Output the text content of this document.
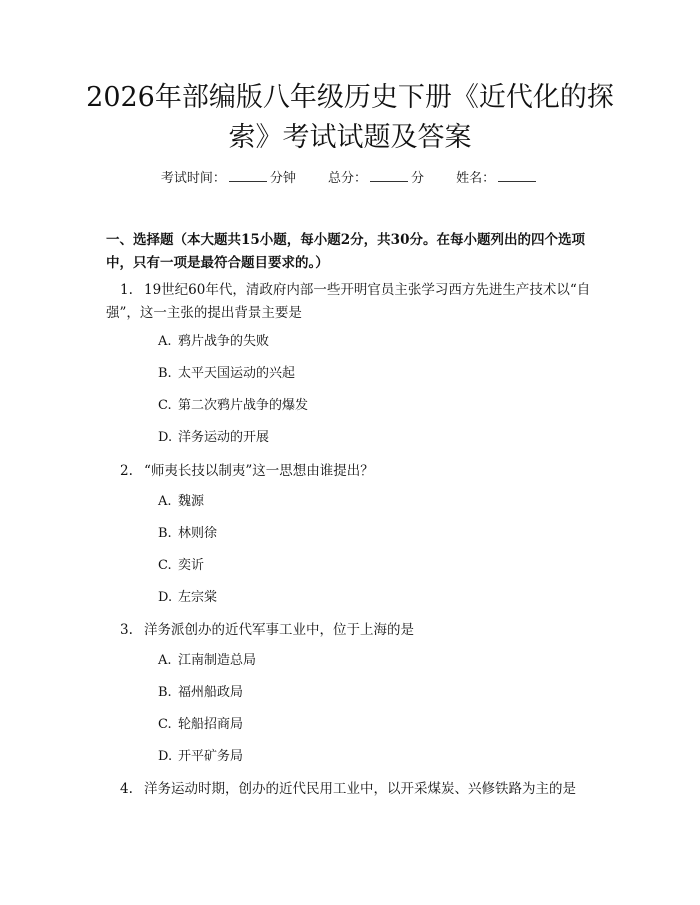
2026年部编版八年级历史下册《近代化的探
索》考试试题及答案
考试时间：	分钟 总分：	分 姓名：
一、选择题（本大题共15小题，每小题2分，共30分。在每小题列出的四个选项中，只有一项是最符合题目要求的。）
1. 19世纪60年代，清政府内部一些开明官员主张学习西方先进生产技术以“自强”，这一主张的提出背景主要是
A. 鸦片战争的失败
B. 太平天国运动的兴起
C. 第二次鸦片战争的爆发
D. 洋务运动的开展
2. “师夷长技以制夷”这一思想由谁提出？
A. 魏源
B. 林则徐
C. 奕䜣
D. 左宗棠
3. 洋务派创办的近代军事工业中，位于上海的是
A. 江南制造总局
B. 福州船政局
C. 轮船招商局
D. 开平矿务局
4. 洋务运动时期，创办的近代民用工业中，以开采煤炭、兴修铁路为主的是
